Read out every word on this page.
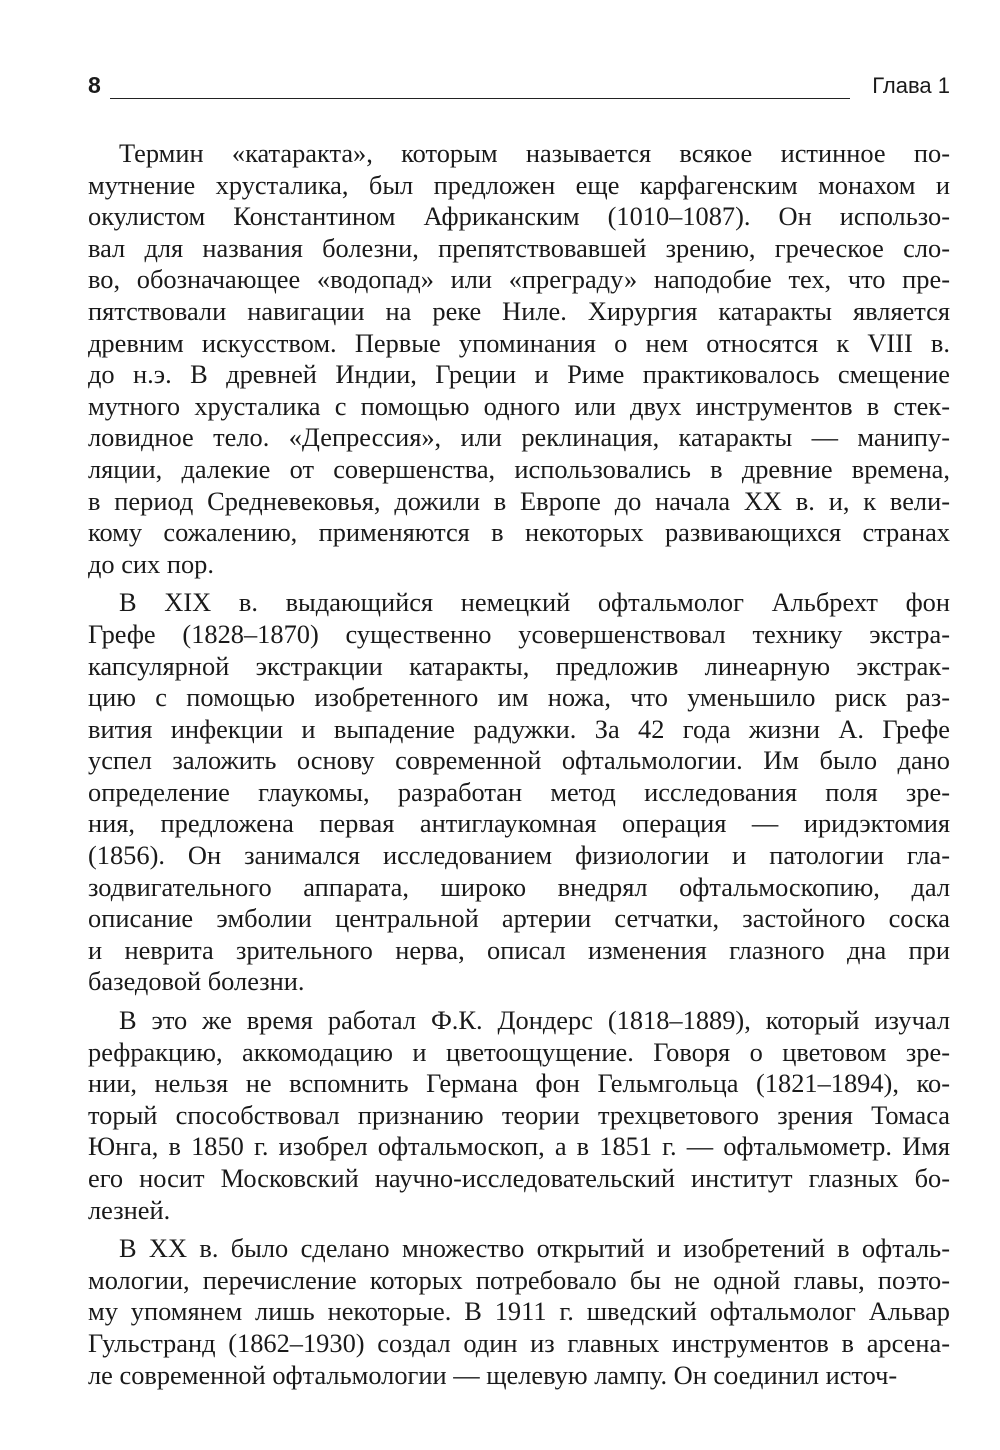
8	Глава 1
Термин «катаракта», которым называется всякое истинное по-
мутнение хрусталика, был предложен еще карфагенским монахом и
окулистом Константином Африканским (1010–1087). Он использо-
вал для названия болезни, препятствовавшей зрению, греческое сло-
во, обозначающее «водопад» или «преграду» наподобие тех, что пре-
пятствовали навигации на реке Ниле. Хирургия катаракты является
древним искусством. Первые упоминания о нем относятся к VIII в.
до н.э. В древней Индии, Греции и Риме практиковалось смещение
мутного хрусталика с помощью одного или двух инструментов в стек-
ловидное тело. «Депрессия», или реклинация, катаракты — манипу-
ляции, далекие от совершенства, использовались в древние времена,
в период Средневековья, дожили в Европе до начала XX в. и, к вели-
кому сожалению, применяются в некоторых развивающихся странах
до сих пор.
В XIX в. выдающийся немецкий офтальмолог Альбрехт фон
Грефе (1828–1870) существенно усовершенствовал технику экстра-
капсулярной экстракции катаракты, предложив линеарную экстрак-
цию с помощью изобретенного им ножа, что уменьшило риск раз-
вития инфекции и выпадение радужки. За 42 года жизни А. Грефе
успел заложить основу современной офтальмологии. Им было дано
определение глаукомы, разработан метод исследования поля зре-
ния, предложена первая антиглаукомная операция — иридэктомия
(1856). Он занимался исследованием физиологии и патологии гла-
зодвигательного аппарата, широко внедрял офтальмоскопию, дал
описание эмболии центральной артерии сетчатки, застойного соска
и неврита зрительного нерва, описал изменения глазного дна при
базедовой болезни.
В это же время работал Ф.К. Дондерс (1818–1889), который изучал
рефракцию, аккомодацию и цветоощущение. Говоря о цветовом зре-
нии, нельзя не вспомнить Германа фон Гельмгольца (1821–1894), ко-
торый способствовал признанию теории трехцветового зрения Томаса
Юнга, в 1850 г. изобрел офтальмоскоп, а в 1851 г. — офтальмометр. Имя
его носит Московский научно-исследовательский институт глазных бо-
лезней.
В XX в. было сделано множество открытий и изобретений в офталь-
мологии, перечисление которых потребовало бы не одной главы, поэто-
му упомянем лишь некоторые. В 1911 г. шведский офтальмолог Альвар
Гульстранд (1862–1930) создал один из главных инструментов в арсена-
ле современной офтальмологии — щелевую лампу. Он соединил источ-
